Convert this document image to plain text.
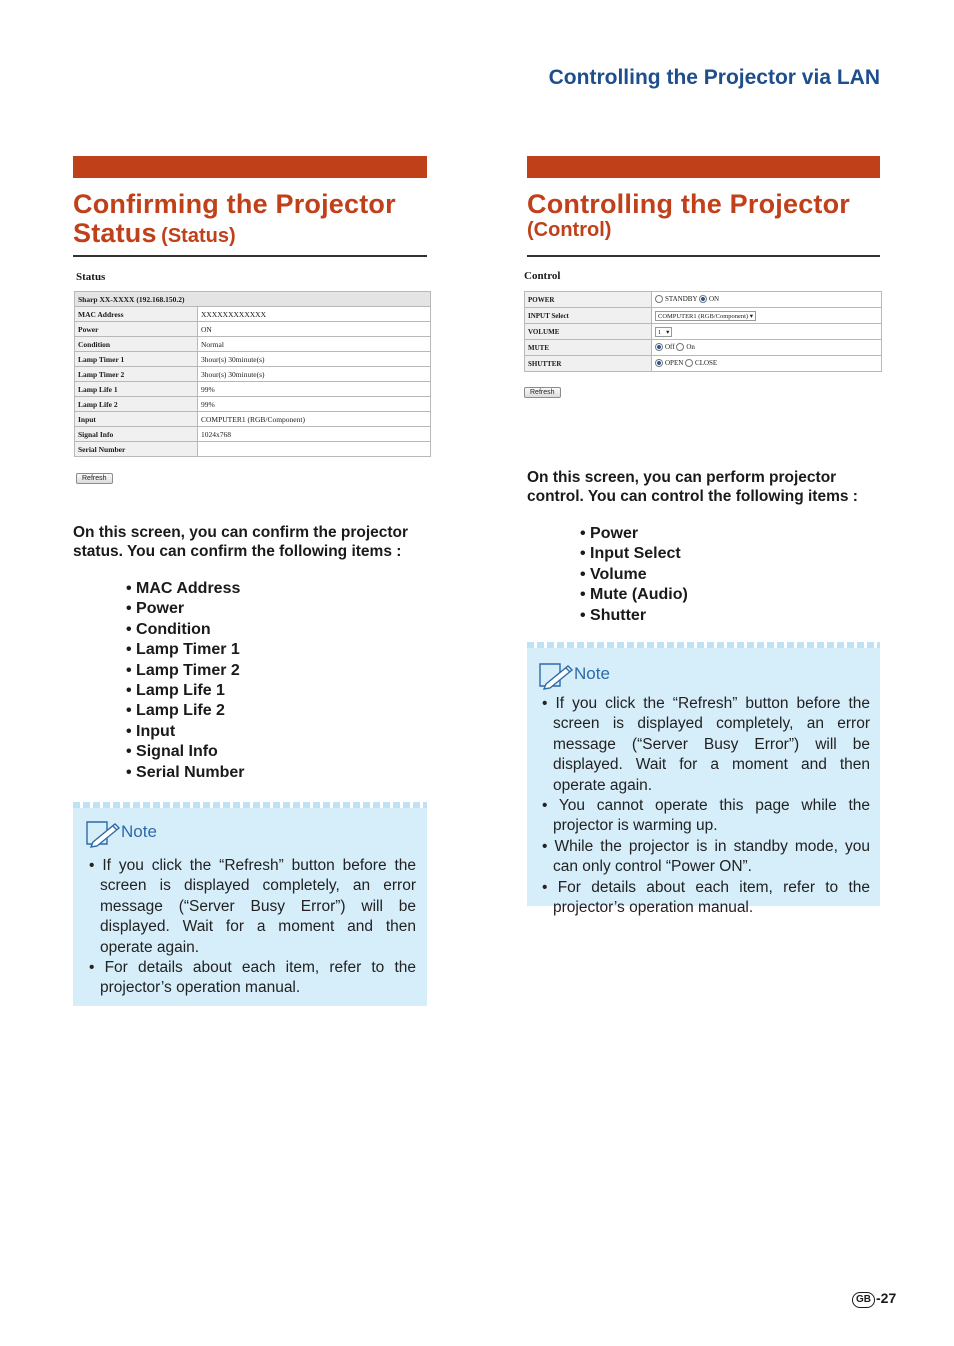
Controlling the Projector via LAN
Confirming the Projector
Status (Status)
Status
Sharp XX-XXXX (192.168.150.2)	
MAC Address	XXXXXXXXXXXX
Power	ON
Condition	Normal
Lamp Timer 1	3hour(s) 30minute(s)
Lamp Timer 2	3hour(s) 30minute(s)
Lamp Life 1	99%
Lamp Life 2	99%
Input	COMPUTER1 (RGB/Component)
Signal Info	1024x768
Serial Number	
Refresh
On this screen, you can confirm the projector status. You can confirm the following items :
• MAC Address
• Power
• Condition
• Lamp Timer 1
• Lamp Timer 2
• Lamp Life 1
• Lamp Life 2
• Input
• Signal Info
• Serial Number
Note
• If you click the “Refresh” button before the screen is displayed completely, an error message (“Server Busy Error”) will be displayed. Wait for a moment and then operate again.
• For details about each item, refer to the projector’s operation manual.
Controlling the Projector
(Control)
Control
POWER	STANDBY ON
INPUT Select	COMPUTER1 (RGB/Component) ▾
VOLUME	1 ▾
MUTE	Off On
SHUTTER	OPEN CLOSE
Refresh
On this screen, you can perform projector control. You can control the following items :
• Power
• Input Select
• Volume
• Mute (Audio)
• Shutter
Note
• If you click the “Refresh” button before the screen is displayed completely, an error message (“Server Busy Error”) will be displayed. Wait for a moment and then operate again.
• You cannot operate this page while the projector is warming up.
• While the projector is in standby mode, you can only control “Power ON”.
• For details about each item, refer to the projector’s operation manual.
GB -27
